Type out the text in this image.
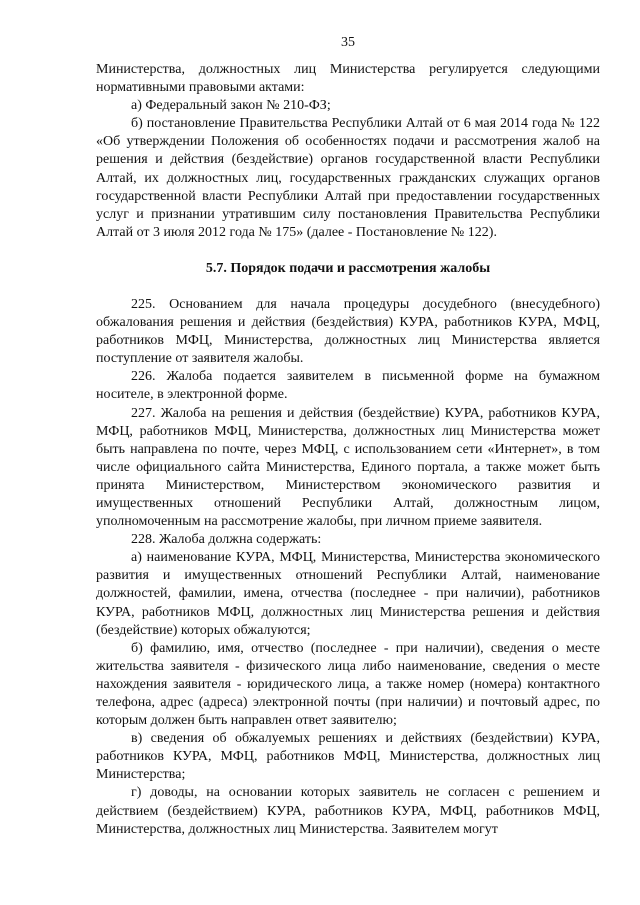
35

Министерства, должностных лиц Министерства регулируется следующими нормативными правовыми актами:

а) Федеральный закон № 210-ФЗ;

б) постановление Правительства Республики Алтай от 6 мая 2014 года № 122 «Об утверждении Положения об особенностях подачи и рассмотрения жалоб на решения и действия (бездействие) органов государственной власти Республики Алтай, их должностных лиц, государственных гражданских служащих органов государственной власти Республики Алтай при предоставлении государственных услуг и признании утратившим силу постановления Правительства Республики Алтай от 3 июля 2012 года № 175» (далее - Постановление № 122).

5.7. Порядок подачи и рассмотрения жалобы

225. Основанием для начала процедуры досудебного (внесудебного) обжалования решения и действия (бездействия) КУРА, работников КУРА, МФЦ, работников МФЦ, Министерства, должностных лиц Министерства является поступление от заявителя жалобы.

226. Жалоба подается заявителем в письменной форме на бумажном носителе, в электронной форме.

227. Жалоба на решения и действия (бездействие) КУРА, работников КУРА, МФЦ, работников МФЦ, Министерства, должностных лиц Министерства может быть направлена по почте, через МФЦ, с использованием сети «Интернет», в том числе официального сайта Министерства, Единого портала, а также может быть принята Министерством, Министерством экономического развития и имущественных отношений Республики Алтай, должностным лицом, уполномоченным на рассмотрение жалобы, при личном приеме заявителя.

228. Жалоба должна содержать:

а) наименование КУРА, МФЦ, Министерства, Министерства экономического развития и имущественных отношений Республики Алтай, наименование должностей, фамилии, имена, отчества (последнее - при наличии), работников КУРА, работников МФЦ, должностных лиц Министерства решения и действия (бездействие) которых обжалуются;

б) фамилию, имя, отчество (последнее - при наличии), сведения о месте жительства заявителя - физического лица либо наименование, сведения о месте нахождения заявителя - юридического лица, а также номер (номера) контактного телефона, адрес (адреса) электронной почты (при наличии) и почтовый адрес, по которым должен быть направлен ответ заявителю;

в) сведения об обжалуемых решениях и действиях (бездействии) КУРА, работников КУРА, МФЦ, работников МФЦ, Министерства, должностных лиц Министерства;

г) доводы, на основании которых заявитель не согласен с решением и действием (бездействием) КУРА, работников КУРА, МФЦ, работников МФЦ, Министерства, должностных лиц Министерства. Заявителем могут
